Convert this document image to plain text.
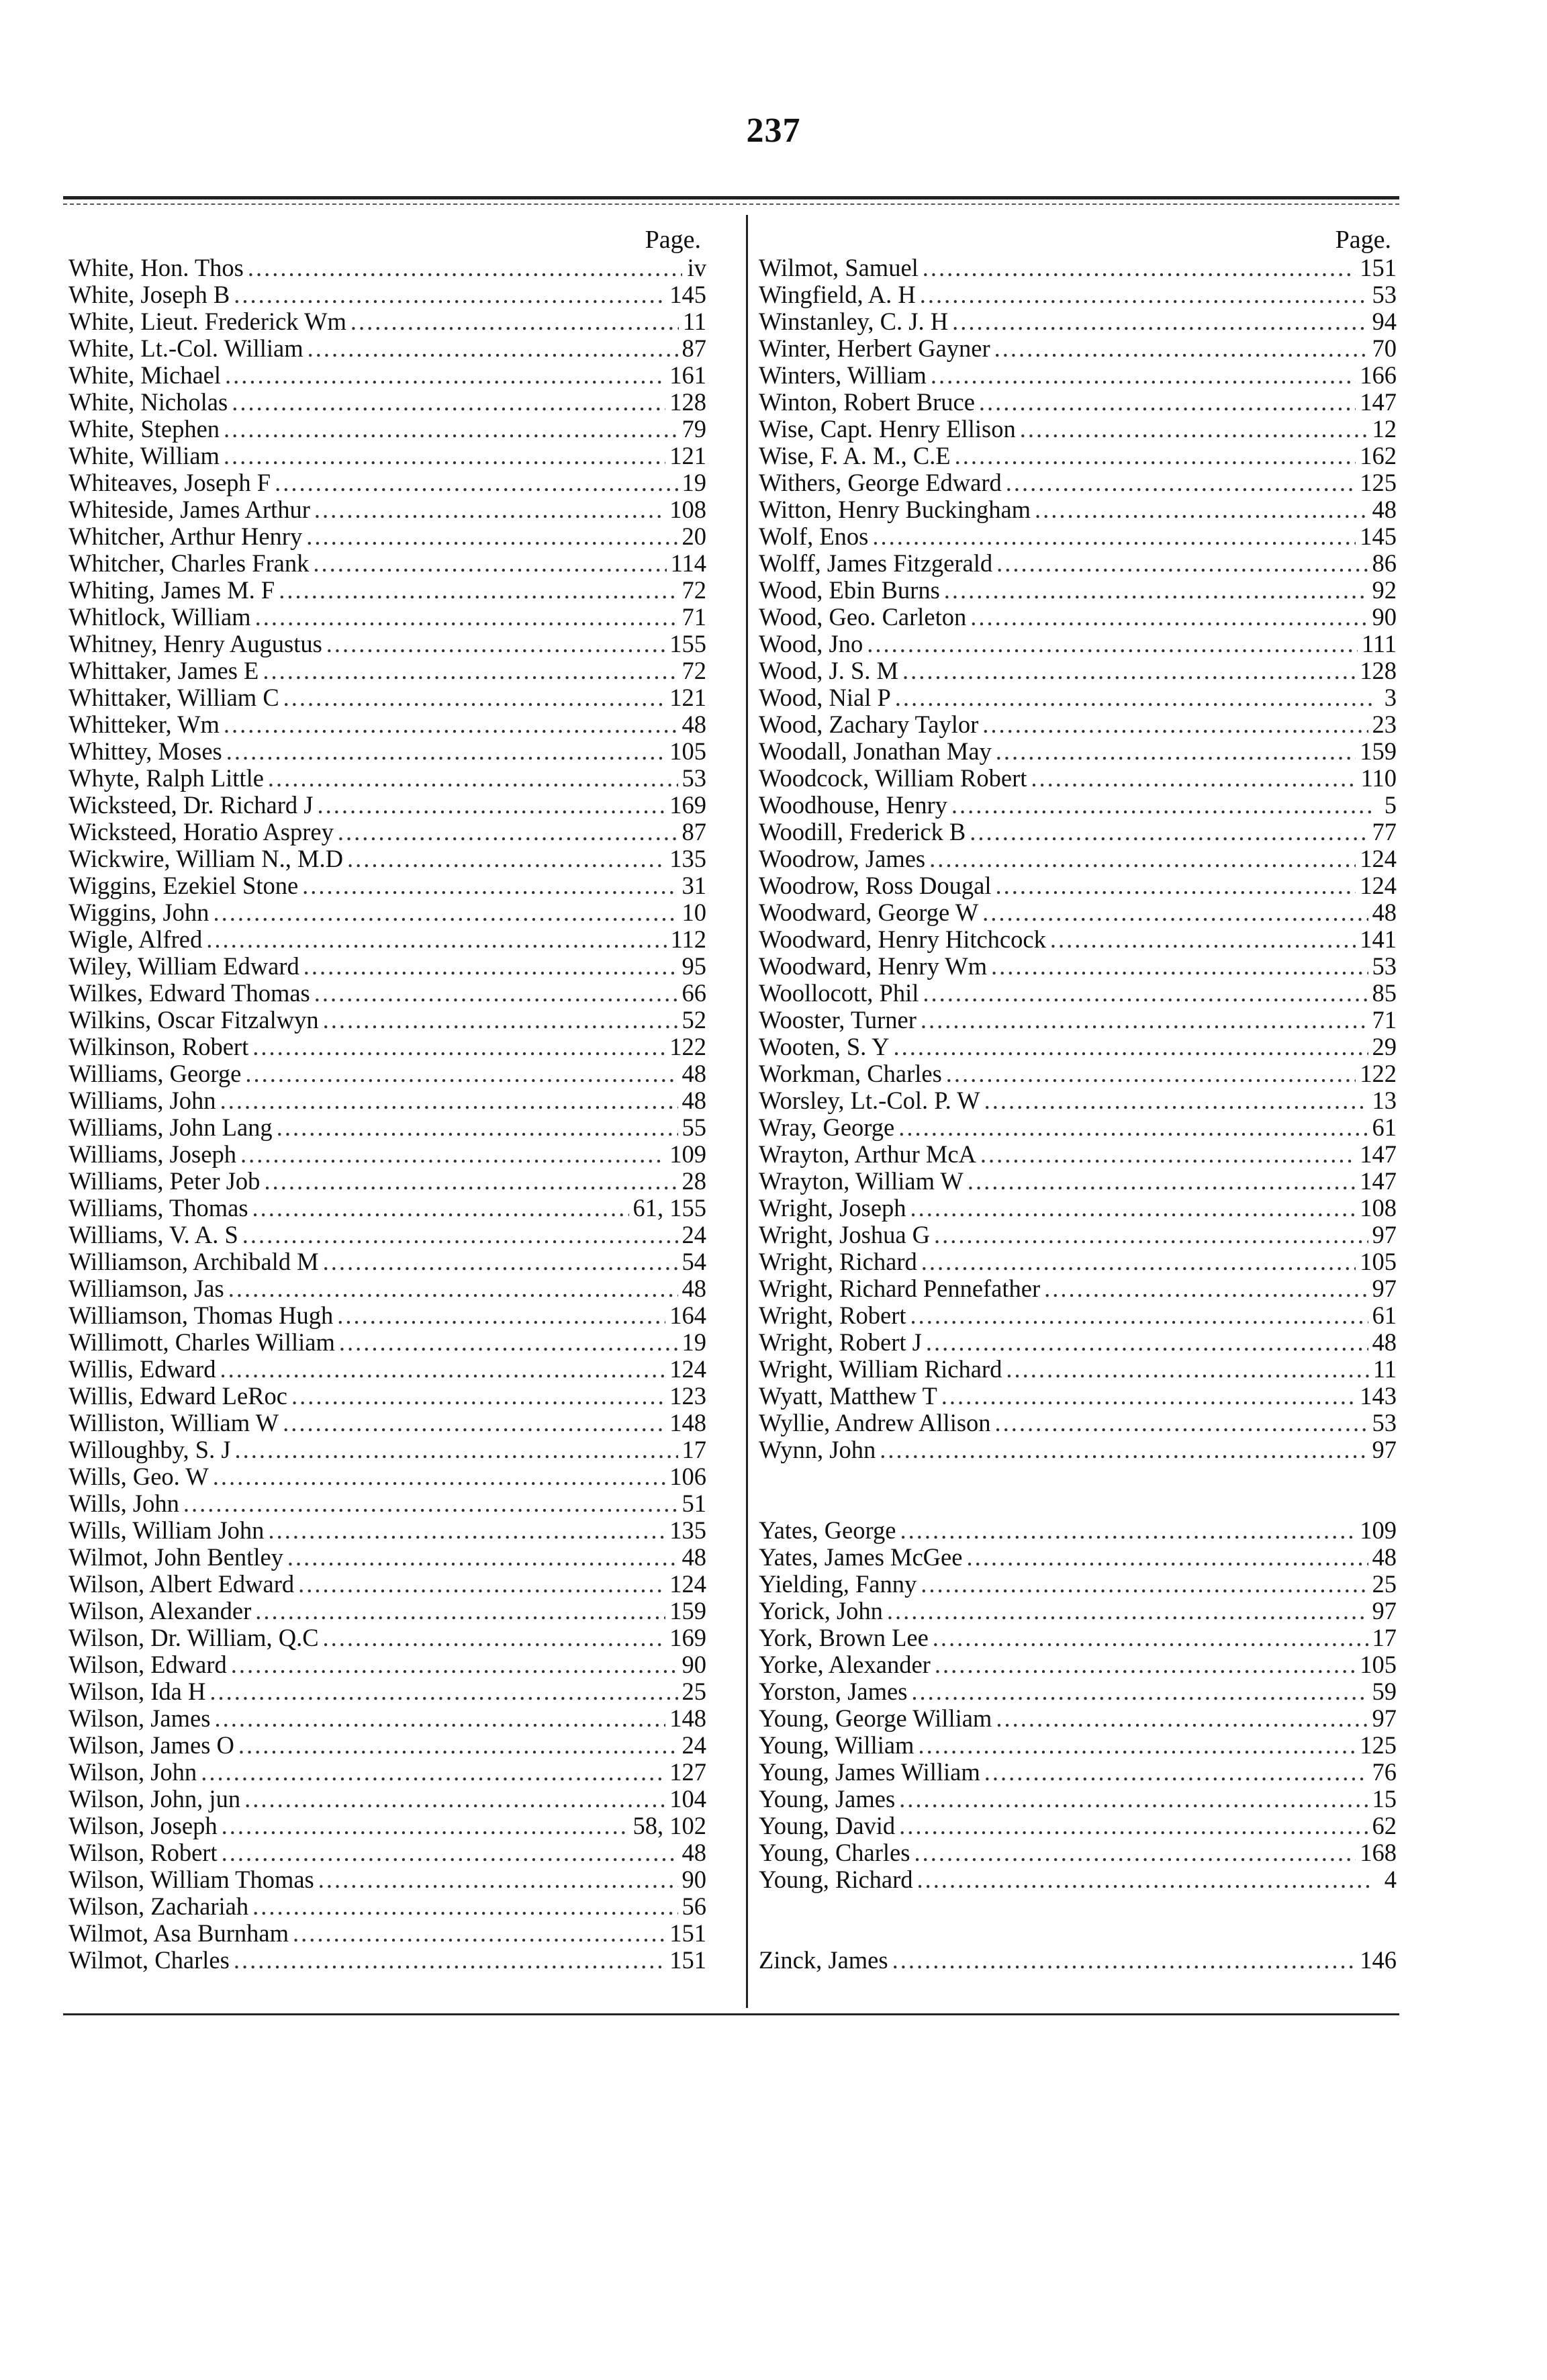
237
Page.
White, Hon. Thos .....	iv
White, Joseph B .....	145
White, Lieut. Frederick Wm .....	11
White, Lt.-Col. William .....	87
White, Michael .....	161
White, Nicholas .....	128
White, Stephen .....	79
White, William .....	121
Whiteaves, Joseph F .....	19
Whiteside, James Arthur .....	108
Whitcher, Arthur Henry .....	20
Whitcher, Charles Frank .....	114
Whiting, James M. F .....	72
Whitlock, William .....	71
Whitney, Henry Augustus .....	155
Whittaker, James E .....	72
Whittaker, William C .....	121
Whitteker, Wm .....	48
Whittey, Moses .....	105
Whyte, Ralph Little .....	53
Wicksteed, Dr. Richard J .....	169
Wicksteed, Horatio Asprey .....	87
Wickwire, William N., M.D .....	135
Wiggins, Ezekiel Stone .....	31
Wiggins, John .....	10
Wigle, Alfred .....	112
Wiley, William Edward .....	95
Wilkes, Edward Thomas .....	66
Wilkins, Oscar Fitzalwyn .....	52
Wilkinson, Robert .....	122
Williams, George .....	48
Williams, John .....	48
Williams, John Lang .....	55
Williams, Joseph .....	109
Williams, Peter Job .....	28
Williams, Thomas .....	61, 155
Williams, V. A. S .....	24
Williamson, Archibald M .....	54
Williamson, Jas .....	48
Williamson, Thomas Hugh .....	164
Willimott, Charles William .....	19
Willis, Edward .....	124
Willis, Edward LeRoc .....	123
Williston, William W .....	148
Willoughby, S. J .....	17
Wills, Geo. W .....	106
Wills, John .....	51
Wills, William John .....	135
Wilmot, John Bentley .....	48
Wilson, Albert Edward .....	124
Wilson, Alexander .....	159
Wilson, Dr. William, Q.C .....	169
Wilson, Edward .....	90
Wilson, Ida H .....	25
Wilson, James .....	148
Wilson, James O .....	24
Wilson, John .....	127
Wilson, John, jun .....	104
Wilson, Joseph .....	58, 102
Wilson, Robert .....	48
Wilson, William Thomas .....	90
Wilson, Zachariah .....	56
Wilmot, Asa Burnham .....	151
Wilmot, Charles .....	151
Page.
Wilmot, Samuel .....	151
Wingfield, A. H .....	53
Winstanley, C. J. H .....	94
Winter, Herbert Gayner .....	70
Winters, William .....	166
Winton, Robert Bruce .....	147
Wise, Capt. Henry Ellison .....	12
Wise, F. A. M., C.E .....	162
Withers, George Edward .....	125
Witton, Henry Buckingham .....	48
Wolf, Enos .....	145
Wolff, James Fitzgerald .....	86
Wood, Ebin Burns .....	92
Wood, Geo. Carleton .....	90
Wood, Jno .....	111
Wood, J. S. M .....	128
Wood, Nial P .....	3
Wood, Zachary Taylor .....	23
Woodall, Jonathan May .....	159
Woodcock, William Robert .....	110
Woodhouse, Henry .....	5
Woodill, Frederick B .....	77
Woodrow, James .....	124
Woodrow, Ross Dougal .....	124
Woodward, George W .....	48
Woodward, Henry Hitchcock .....	141
Woodward, Henry Wm .....	53
Woollocott, Phil .....	85
Wooster, Turner .....	71
Wooten, S. Y .....	29
Workman, Charles .....	122
Worsley, Lt.-Col. P. W .....	13
Wray, George .....	61
Wrayton, Arthur McA .....	147
Wrayton, William W .....	147
Wright, Joseph .....	108
Wright, Joshua G .....	97
Wright, Richard .....	105
Wright, Richard Pennefather .....	97
Wright, Robert .....	61
Wright, Robert J .....	48
Wright, William Richard .....	11
Wyatt, Matthew T .....	143
Wyllie, Andrew Allison .....	53
Wynn, John .....	97
Yates, George .....	109
Yates, James McGee .....	48
Yielding, Fanny .....	25
Yorick, John .....	97
York, Brown Lee .....	17
Yorke, Alexander .....	105
Yorston, James .....	59
Young, George William .....	97
Young, William .....	125
Young, James William .....	76
Young, James .....	15
Young, David .....	62
Young, Charles .....	168
Young, Richard .....	4
Zinck, James .....	146
